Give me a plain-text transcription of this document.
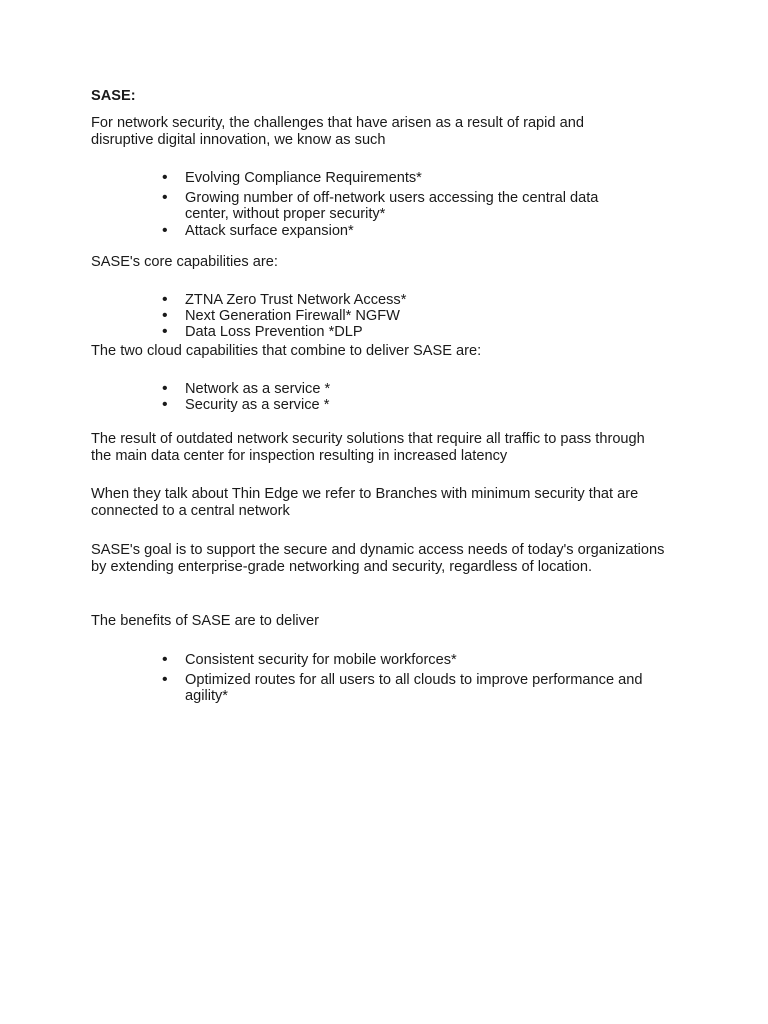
SASE:

For network security, the challenges that have arisen as a result of rapid and disruptive digital innovation, we know as such

• Evolving Compliance Requirements*
• Growing number of off-network users accessing the central data center, without proper security*
• Attack surface expansion*

SASE's core capabilities are:

• ZTNA Zero Trust Network Access*
• Next Generation Firewall* NGFW
• Data Loss Prevention *DLP

The two cloud capabilities that combine to deliver SASE are:

• Network as a service *
• Security as a service *

The result of outdated network security solutions that require all traffic to pass through the main data center for inspection resulting in increased latency

When they talk about Thin Edge we refer to Branches with minimum security that are connected to a central network

SASE's goal is to support the secure and dynamic access needs of today's organizations by extending enterprise-grade networking and security, regardless of location.

The benefits of SASE are to deliver

• Consistent security for mobile workforces*
• Optimized routes for all users to all clouds to improve performance and agility*
